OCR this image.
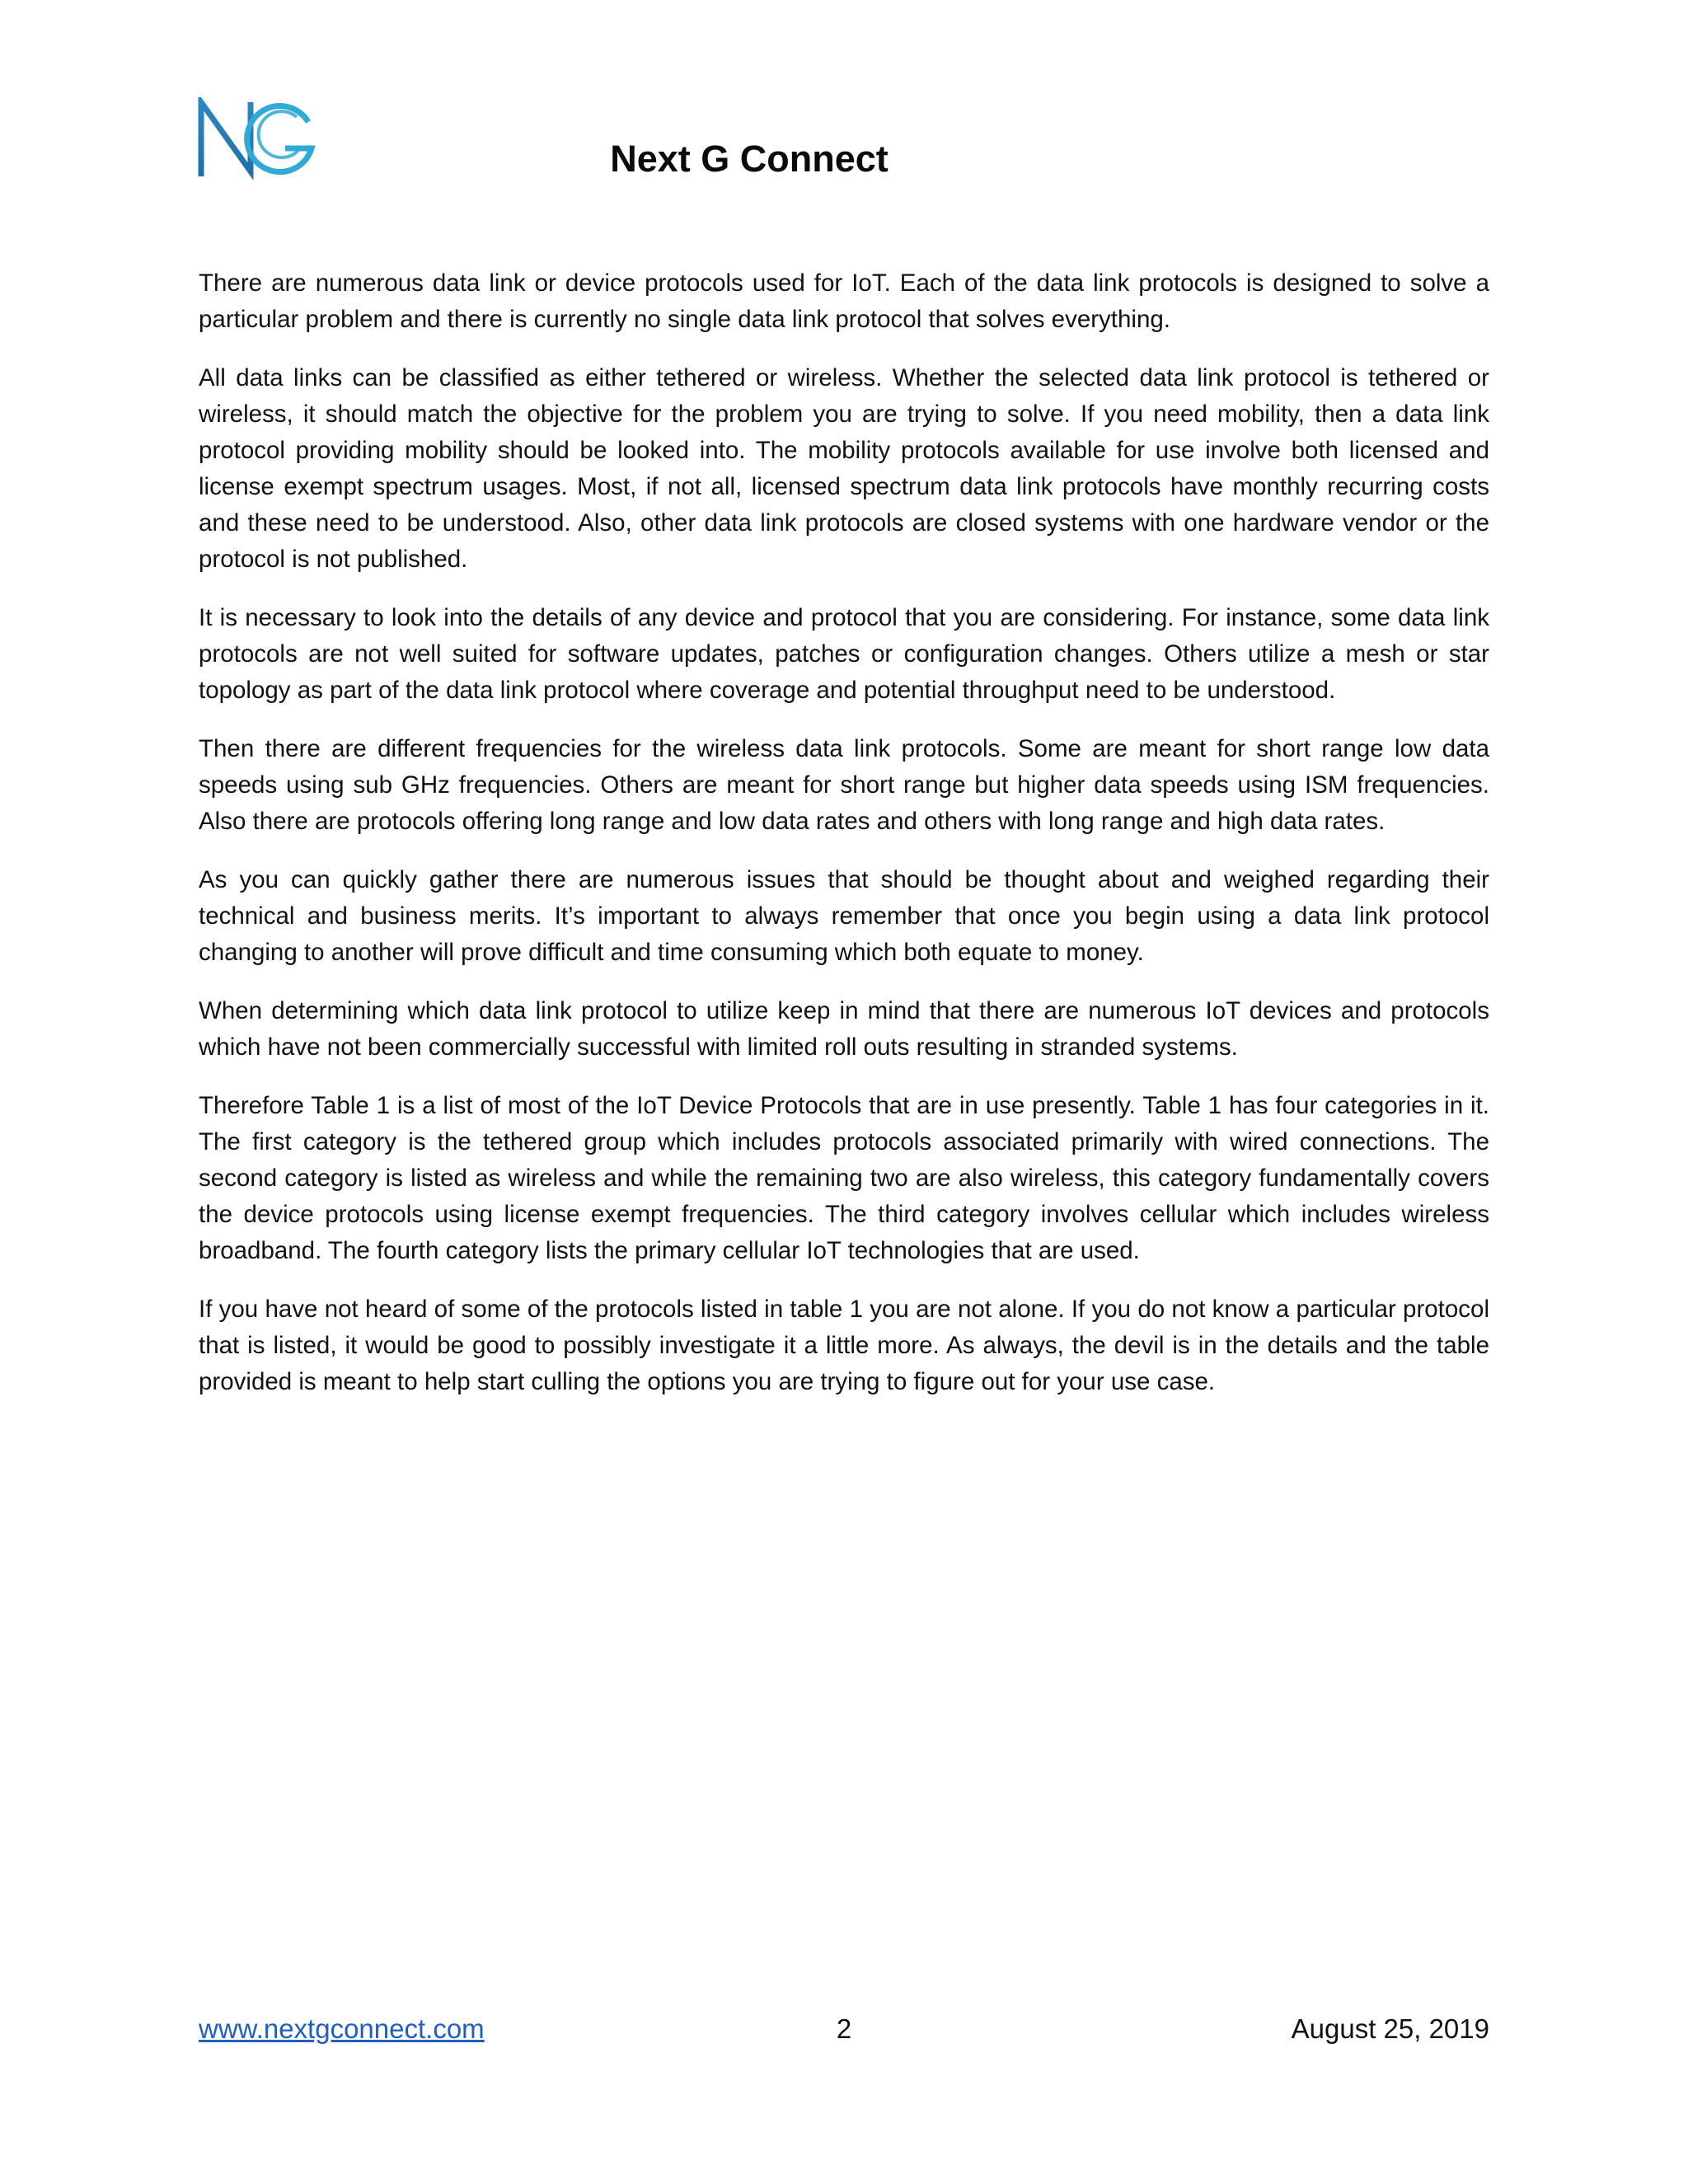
Next G Connect

There are numerous data link or device protocols used for IoT. Each of the data link protocols is designed to solve a particular problem and there is currently no single data link protocol that solves everything.

All data links can be classified as either tethered or wireless. Whether the selected data link protocol is tethered or wireless, it should match the objective for the problem you are trying to solve. If you need mobility, then a data link protocol providing mobility should be looked into. The mobility protocols available for use involve both licensed and license exempt spectrum usages. Most, if not all, licensed spectrum data link protocols have monthly recurring costs and these need to be understood. Also, other data link protocols are closed systems with one hardware vendor or the protocol is not published.

It is necessary to look into the details of any device and protocol that you are considering. For instance, some data link protocols are not well suited for software updates, patches or configuration changes. Others utilize a mesh or star topology as part of the data link protocol where coverage and potential throughput need to be understood.

Then there are different frequencies for the wireless data link protocols. Some are meant for short range low data speeds using sub GHz frequencies. Others are meant for short range but higher data speeds using ISM frequencies. Also there are protocols offering long range and low data rates and others with long range and high data rates.

As you can quickly gather there are numerous issues that should be thought about and weighed regarding their technical and business merits. It’s important to always remember that once you begin using a data link protocol changing to another will prove difficult and time consuming which both equate to money.

When determining which data link protocol to utilize keep in mind that there are numerous IoT devices and protocols which have not been commercially successful with limited roll outs resulting in stranded systems.

Therefore Table 1 is a list of most of the IoT Device Protocols that are in use presently. Table 1 has four categories in it. The first category is the tethered group which includes protocols associated primarily with wired connections. The second category is listed as wireless and while the remaining two are also wireless, this category fundamentally covers the device protocols using license exempt frequencies. The third category involves cellular which includes wireless broadband. The fourth category lists the primary cellular IoT technologies that are used.

If you have not heard of some of the protocols listed in table 1 you are not alone. If you do not know a particular protocol that is listed, it would be good to possibly investigate it a little more. As always, the devil is in the details and the table provided is meant to help start culling the options you are trying to figure out for your use case.

www.nextgconnect.com	2	August 25, 2019
